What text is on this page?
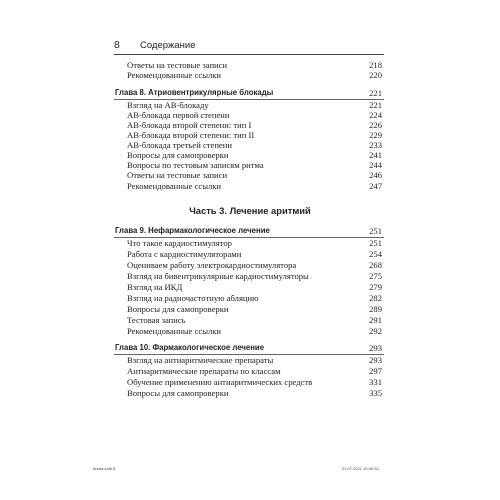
8	Содержание
Ответы на тестовые записи	218
Рекомендованные ссылки	220
Глава 8. Атриовентрикулярные блокады	221
Взгляд на АВ-блокаду	221
АВ-блокада первой степени	224
АВ-блокада второй степени: тип I	226
АВ-блокада второй степени: тип II	229
АВ-блокада третьей степени	233
Вопросы для самопроверки	241
Вопросы по тестовым записям ритма	244
Ответы на тестовые записи	246
Рекомендованные ссылки	247
Часть 3. Лечение аритмий
Глава 9. Нефармакологическое лечение	251
Что такое кардиостимулятор	251
Работа с кардиостимуляторами	254
Оцениваем работу электрокардиостимулятора	268
Взгляд на бивентрикулярные кардиостимуляторы	275
Взгляд на ИКД	279
Взгляд на радиочастотную абляцию	282
Вопросы для самопроверки	289
Тестовая запись	291
Рекомендованные ссылки	292
Глава 10. Фармакологическое лечение	293
Взгляд на антиаритмические препараты	293
Антиаритмические препараты по классам	297
Обучение применению антиаритмических средств	331
Вопросы для самопроверки	335
Книга.indb 8	21.07.2021 10:09:32
